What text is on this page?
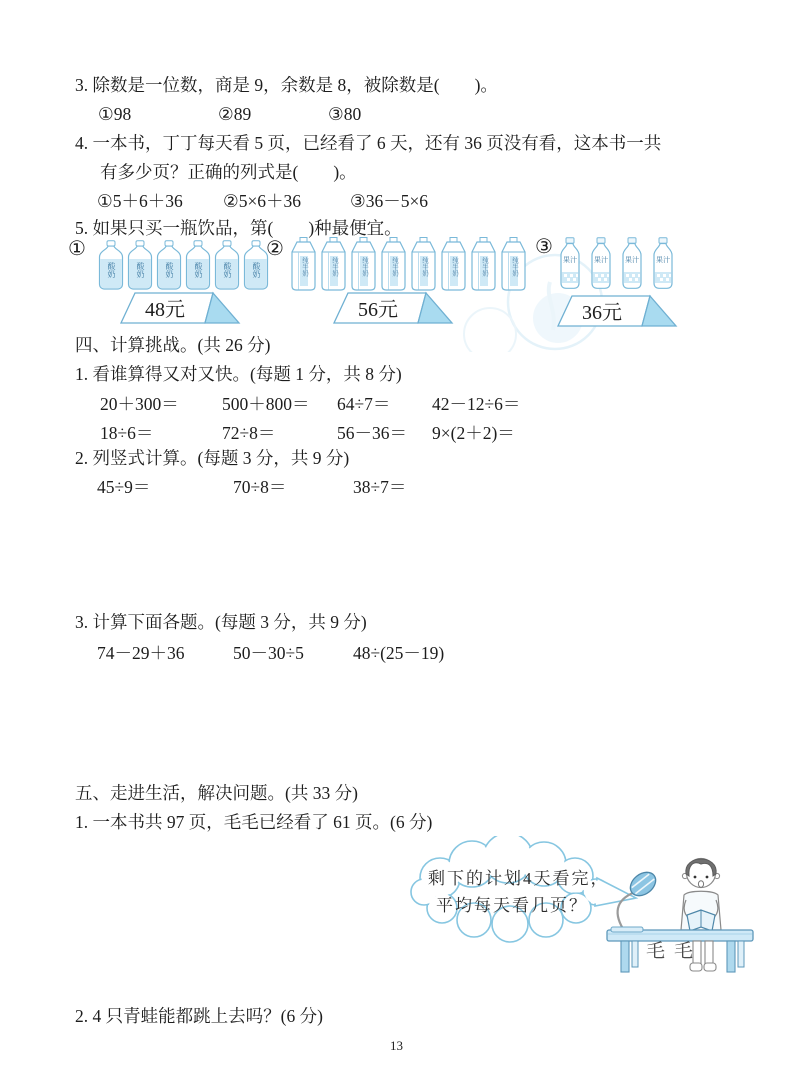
3. 除数是一位数，商是 9，余数是 8，被除数是(　　)。
①98	②89	③80
4. 一本书，丁丁每天看 5 页，已经看了 6 天，还有 36 页没有看，这本书一共
有多少页？正确的列式是(　　)。
①5＋6＋36 ②5×6＋36	③36－5×6
5. 如果只买一瓶饮品，第(　　)种最便宜。
①
酸奶	酸奶	酸奶	酸奶	酸奶	酸奶
48元
②
纯牛奶	纯牛奶	纯牛奶	纯牛奶	纯牛奶	纯牛奶	纯牛奶	纯牛奶
56元
③
果汁 果汁 果汁 果汁
36元
四、计算挑战。(共 26 分)
1. 看谁算得又对又快。(每题 1 分，共 8 分)
20＋300＝ 500＋800＝ 64÷7＝ 42－12÷6＝
18÷6＝	72÷8＝	56－36＝ 9×(2＋2)＝
2. 列竖式计算。(每题 3 分，共 9 分)
45÷9＝	70÷8＝	38÷7＝
3. 计算下面各题。(每题 3 分，共 9 分)
74－29＋36	50－30÷5	48÷(25－19)
五、走进生活，解决问题。(共 33 分)
1. 一本书共 97 页，毛毛已经看了 61 页。(6 分)
剩下的计划4天看完，
平均每天看几页？
毛毛
2. 4 只青蛙能都跳上去吗？(6 分)
13
